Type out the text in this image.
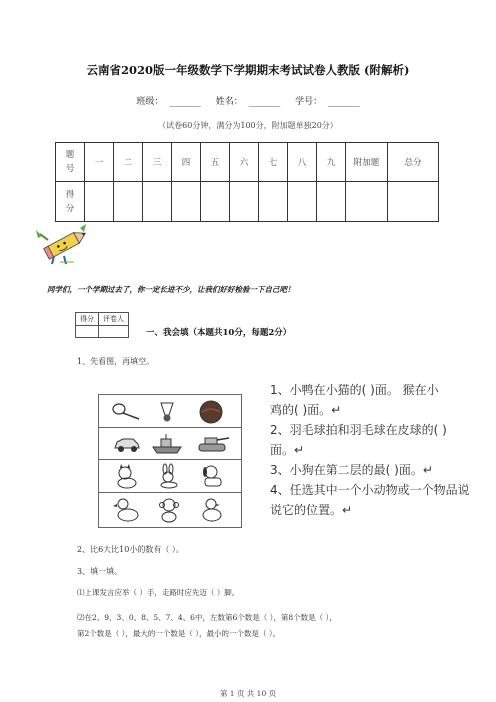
云南省2020版一年级数学下学期期末考试试卷人教版 (附解析)
班级： _______ 姓名： _______ 学号： _______
（试卷60分钟，满分为100分，附加题单独20分）
题
号	一	二	三	四	五	六	七	八	九	附加题	总分
得
分											
同学们，一个学期过去了，你一定长进不少，让我们好好检验一下自己吧！
得分	评卷人

一、我会填（本题共10分，每题2分）
1、先看图，再填空。
1、小鸭在小猫的( )面。 猴在小
鸡的( )面。↵
2、羽毛球拍和羽毛球在皮球的( )
面。↵
3、小狗在第二层的最( )面。↵
4、任选其中一个小动物或一个物品说
说它的位置。↵
2、比6大比10小的数有（ ）。
3、填一填。
⑴上课发言应举（ ）手，走路时应先迈（ ）脚。
⑵在2、9、3、0、8、5、7、4、6中，左数第6个数是（ ），第8个数是（ ），
第2个数是（ ），最大的一个数是（ ），最小的一个数是（ ）。
第 1 页 共 10 页
